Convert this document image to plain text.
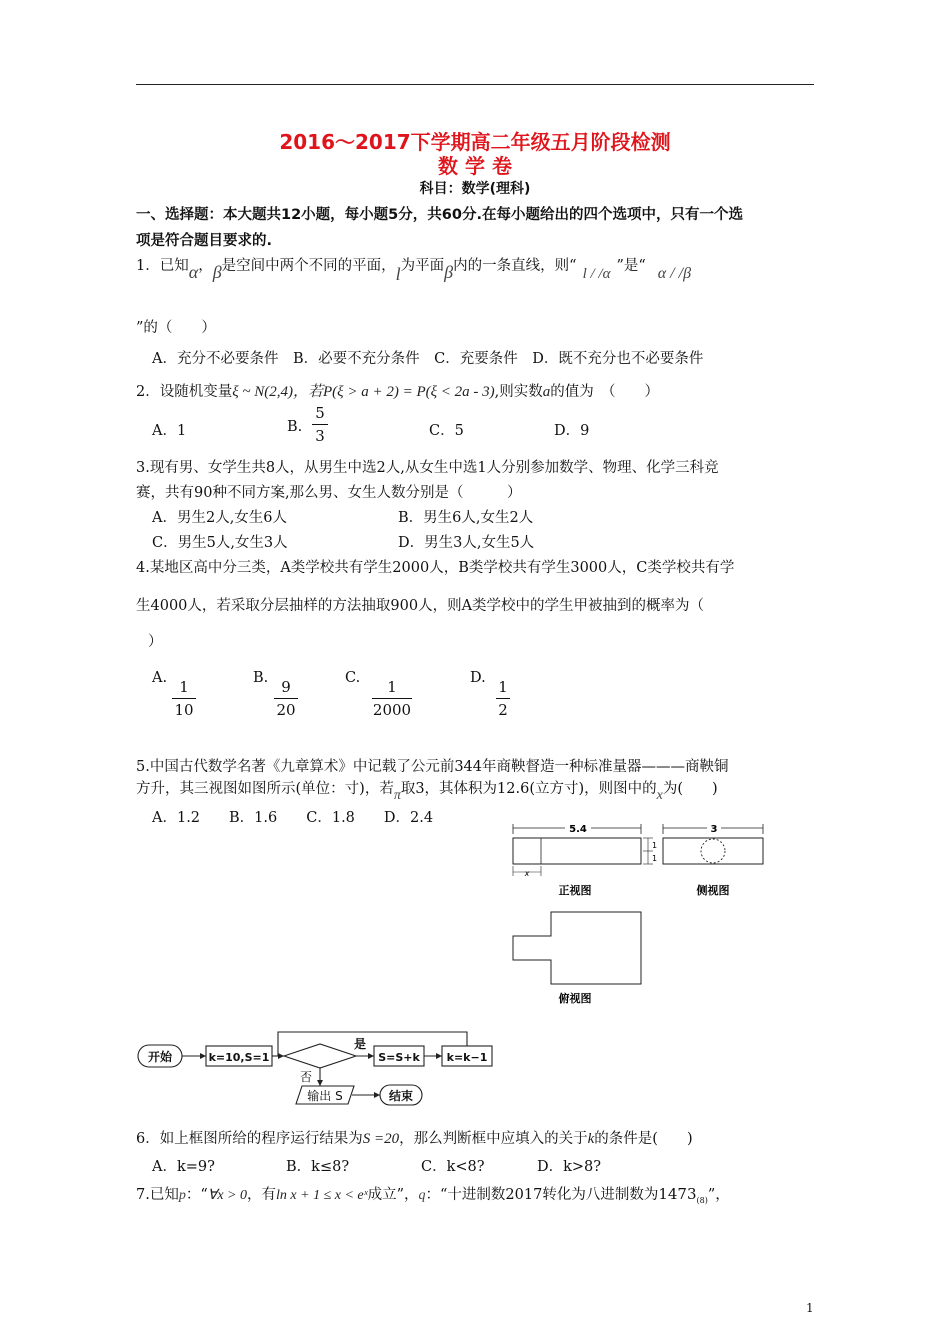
2016～2017下学期高二年级五月阶段检测
数 学 卷
科目：数学(理科)
一、选择题：本大题共12小题，每小题5分，共60分.在每小题给出的四个选项中，只有一个选
项是符合题目要求的.
1．已知α，β是空间中两个不同的平面，l为平面β内的一条直线，则“ l / /α ”是“ α / /β
”的（　　）
A．充分不必要条件　B．必要不充分条件　C．充要条件　D．既不充分也不必要条件
2．设随机变量ξ ~ N(2,4)，若P(ξ > a + 2) = P(ξ < 2a - 3),则实数a的值为　（　　）
A．1	B.
5
3	C．5	D．9
3.现有男、女学生共8人，从男生中选2人,从女生中选1人分别参加数学、物理、化学三科竞
赛，共有90种不同方案,那么男、女生人数分别是（　　　）
A．男生2人,女生6人	B．男生6人,女生2人
C．男生5人,女生3人	D．男生3人,女生5人
4.某地区高中分三类，A类学校共有学生2000人，B类学校共有学生3000人，C类学校共有学
生4000人，若采取分层抽样的方法抽取900人，则A类学校中的学生甲被抽到的概率为（
）
A. 1
10
B. 9
20
C.	1
2000
D. 1
2
5.中国古代数学名著《九章算术》中记载了公元前344年商鞅督造一种标准量器———商鞅铜
方升，其三视图如图所示(单位：寸)，若π取3，其体积为12.6(立方寸)，则图中的x为(　　)
A．1.2　　B．1.6　　C．1.8　　D．2.4
5.4
1
1
x
正视图
3
侧视图
俯视图
开始	k=10,S=1
是
S=S+k k=k−1
否
输出 S	结束
6．如上框图所给的程序运行结果为S =20，那么判断框中应填入的关于k的条件是(　　)
A．k=9?	B．k≤8?	C．k<8?	D．k>8?
7.已知p：“∀x > 0，有ln x + 1 ≤ x < eˣ成立”，q：“十进制数2017转化为八进制数为$1473_{(8)}$”，
1
